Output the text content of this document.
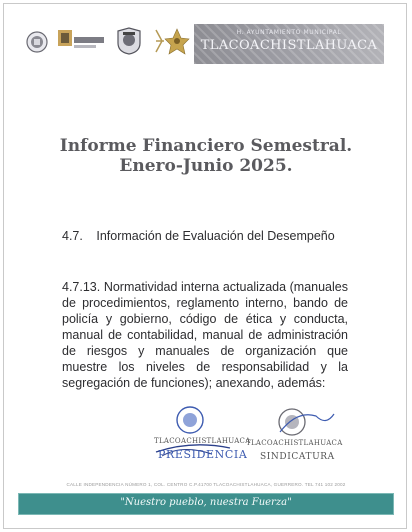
H. AYUNTAMIENTO MUNICIPAL
TLACOACHISTLAHUACA
Informe Financiero Semestral.
Enero-Junio 2025.
4.7. Información de Evaluación del Desempeño
4.7.13. Normatividad interna actualizada (manuales de procedimientos, reglamento interno, bando de policía y gobierno, código de ética y conducta, manual de contabilidad, manual de administración de riesgos y manuales de organización que muestre los niveles de responsabilidad y la segregación de funciones); anexando, además:
TLACOACHISTLAHUACA
PRESIDENCIA
TLACOACHISTLAHUACA
SINDICATURA
CALLE INDEPENDENCIA NÚMERO 1, COL. CENTRO C.P.41700 TLACOACHISTLAHUACA, GUERRERO. TEL 741 102 2002
"Nuestro pueblo, nuestra Fuerza"
